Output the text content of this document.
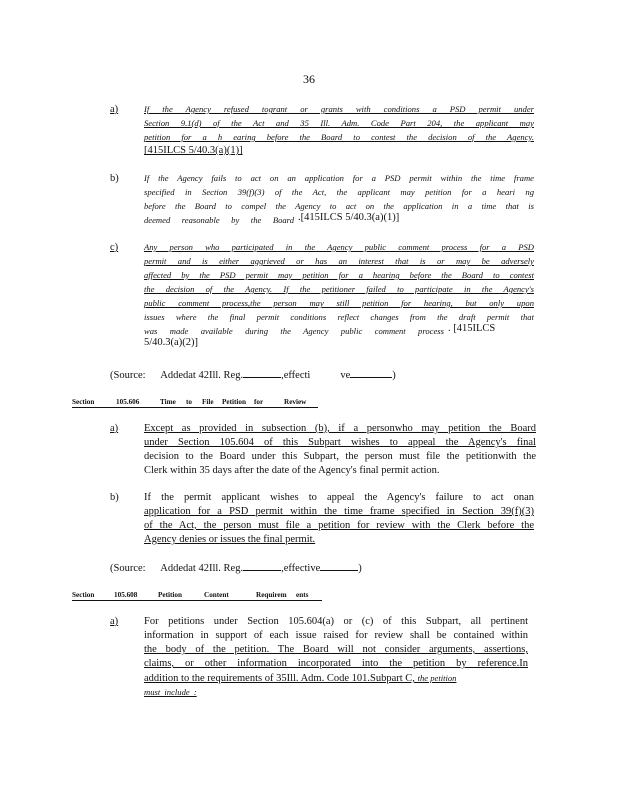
36
a)	If the Agency refused togrant or grants with conditions a PSD permit under
Section 9.1(d) of the Act and 35 Ill. Adm. Code Part 204, the applicant may
petition for a h earing before the Board to contest the decision of the Agency.
[415ILCS 5/40.3(a)(1)]
b)	If the Agency fails to act on an application for a PSD permit within the time frame
specified in Section 39(f)(3) of the Act, the applicant may petition for a heari ng
before the Board to compel the Agency to act on the application in a time that is
deemed reasonable by the Board .[415ILCS 5/40.3(a)(1)]
c)	Any person who participated in the Agency public comment process for a PSD
permit and is either aggrieved or has an interest that is or may be adversely
affected by the PSD permit may petition for a hearing before the Board to contest
the decision of the Agency. If the petitioner failed to participate in the Agency's
public comment process,the person may still petition for hearing, but only upon
issues where the final permit conditions reflect changes from the draft permit that
was made available during the Agency public comment process . [415ILCS
5/40.3(a)(2)]
(Source: Addedat 42Ill. Reg.	,effecti	ve	)
Section	105.606	Time to File Petition for	Review
a) Except as provided in subsection (b), if a personwho may petition the Board
under Section 105.604 of this Subpart wishes to appeal the Agency's final
decision to the Board under this Subpart, the person must file the petitionwith the
Clerk within 35 days after the date of the Agency's final permit action.
b) If the permit applicant wishes to appeal the Agency's failure to act onan
application for a PSD permit within the time frame specified in Section 39(f)(3)
of the Act, the person must file a petition for review with the Clerk before the
Agency denies or issues the final permit.
(Source: Addedat 42Ill. Reg.	,effective	)
Section	105.608	Petition	Content	Requirem ents
a) For petitions under Section 105.604(a) or (c) of this Subpart, all pertinent
information in support of each issue raised for review shall be contained within
the body of the petition. The Board will not consider arguments, assertions,
claims, or other information incorporated into the petition by reference.In
addition to the requirements of 35Ill. Adm. Code 101.Subpart C, the petition
must include :
